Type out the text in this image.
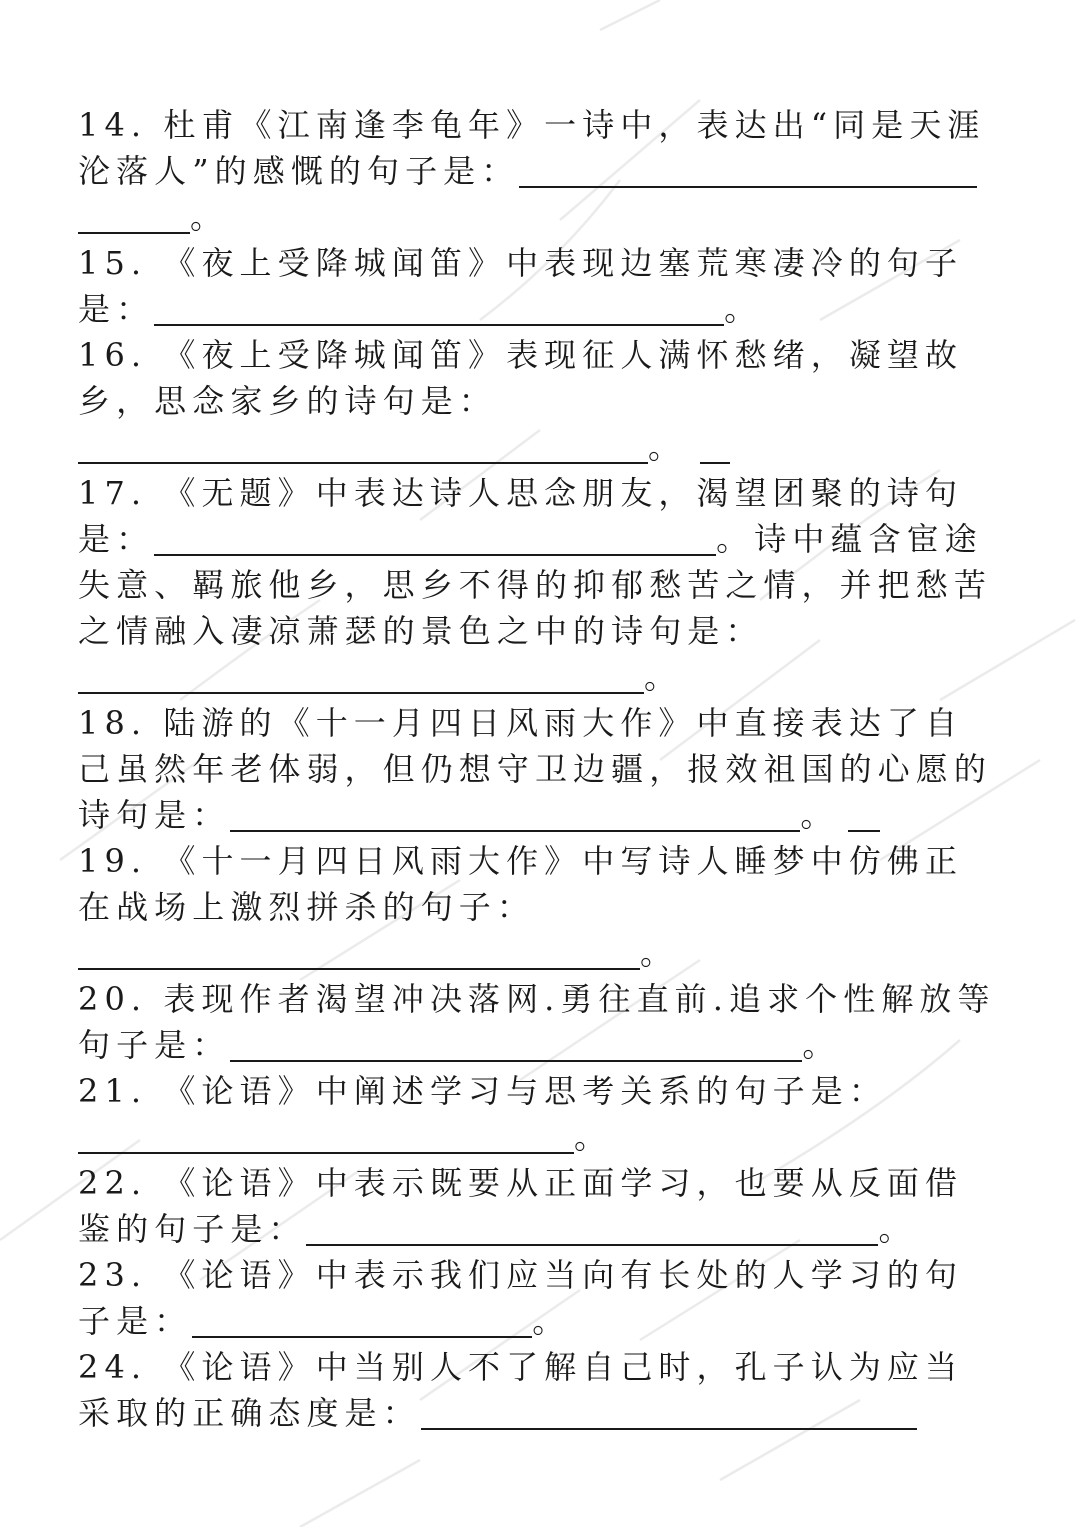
14. 杜甫《江南逢李龟年》一诗中，表达出“同是天涯沦落人”的感慨的句子是：。

15. 《夜上受降城闻笛》中表现边塞荒寒凄冷的句子是：	。

16. 《夜上受降城闻笛》表现征人满怀愁绪，凝望故乡，思念家乡的诗句是：。

17. 《无题》中表达诗人思念朋友，渴望团聚的诗句是：	。诗中蕴含宦途失意、羁旅他乡，思乡不得的抑郁愁苦之情，并把愁苦之情融入凄凉萧瑟的景色之中的诗句是：。

18. 陆游的《十一月四日风雨大作》中直接表达了自己虽然年老体弱，但仍想守卫边疆，报效祖国的心愿的诗句是：	。

19. 《十一月四日风雨大作》中写诗人睡梦中仿佛正在战场上激烈拼杀的句子：。

20. 表现作者渴望冲决落网.勇往直前.追求个性解放等句子是：	。

21. 《论语》中阐述学习与思考关系的句子是：。

22. 《论语》中表示既要从正面学习，也要从反面借鉴的句子是：	。

23. 《论语》中表示我们应当向有长处的人学习的句子是：	。

24. 《论语》中当别人不了解自己时，孔子认为应当采取的正确态度是：
